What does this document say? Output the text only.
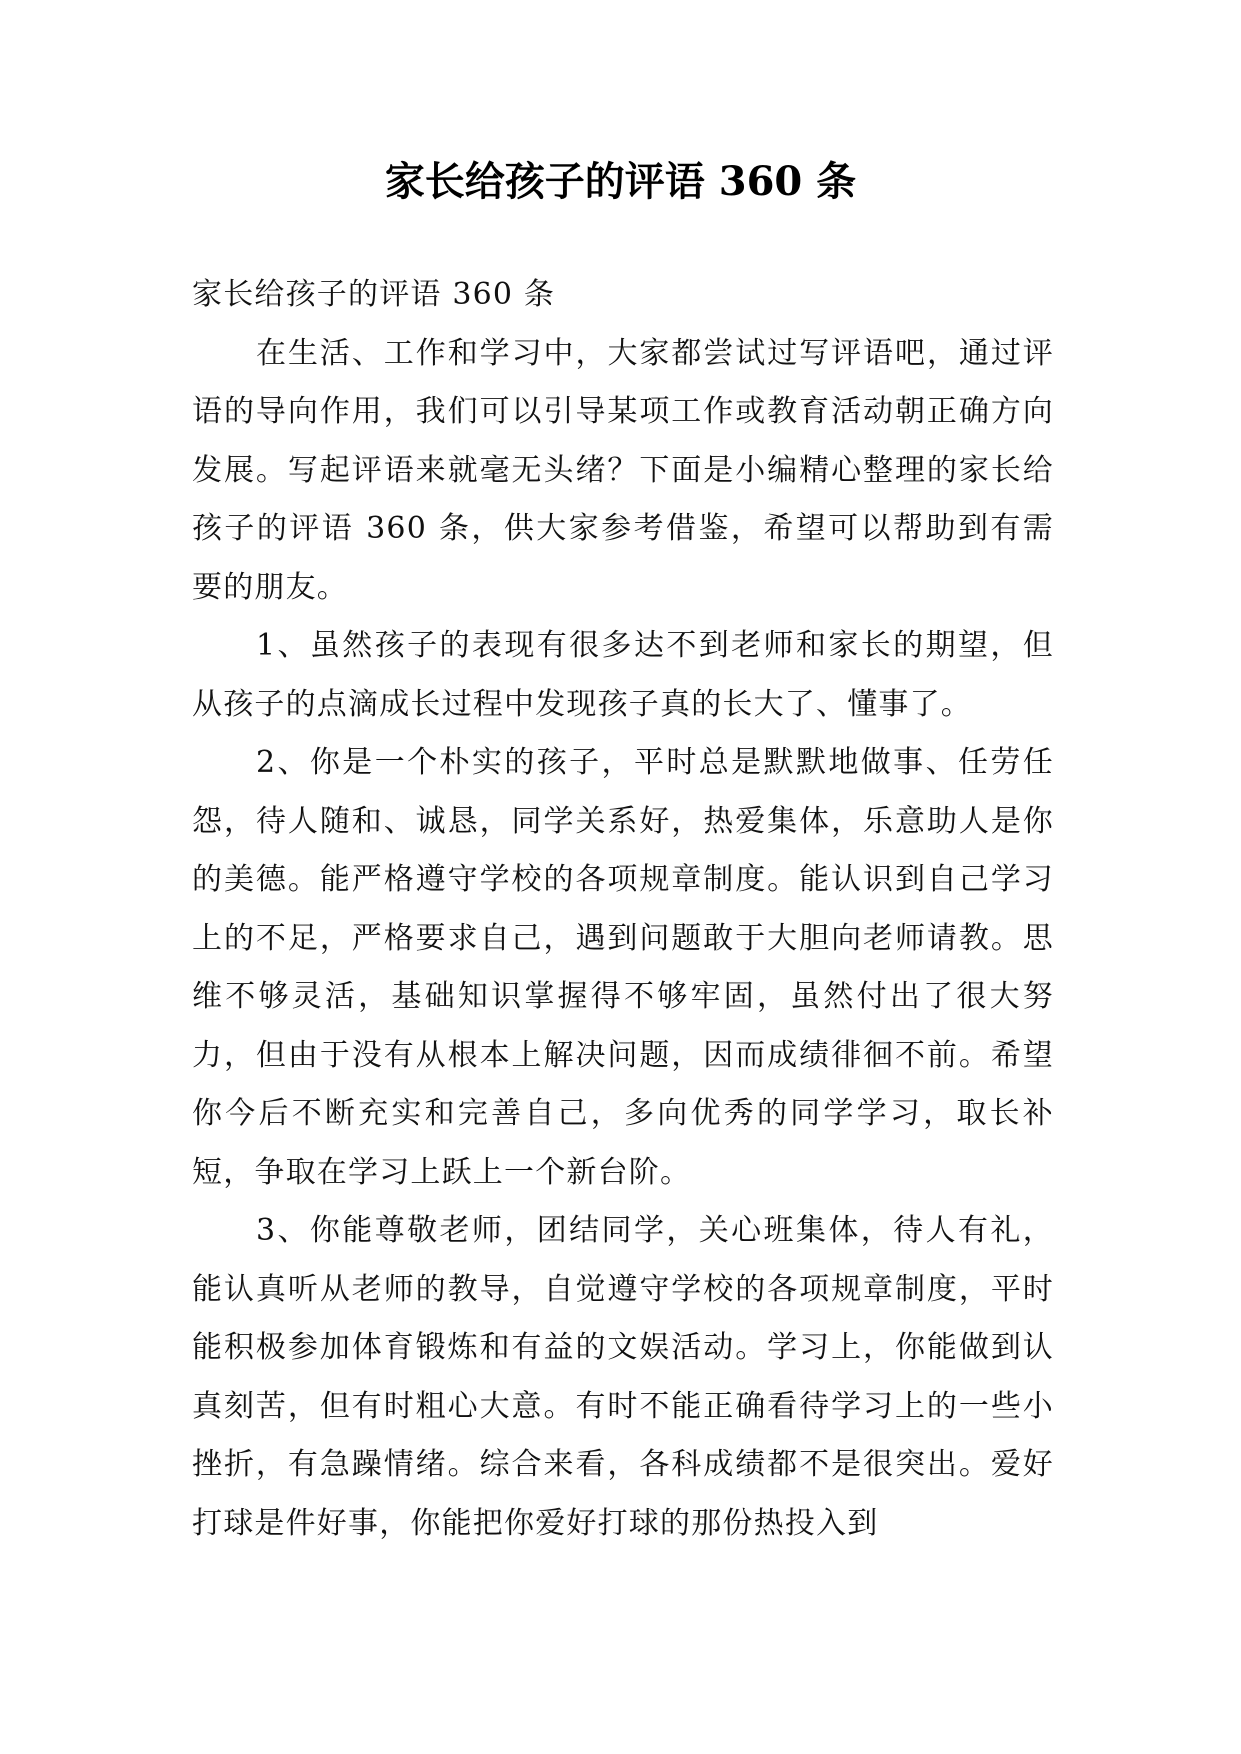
家长给孩子的评语 360 条

家长给孩子的评语 360 条

在生活、工作和学习中，大家都尝试过写评语吧，通过评语的导向作用，我们可以引导某项工作或教育活动朝正确方向发展。写起评语来就毫无头绪？下面是小编精心整理的家长给孩子的评语 360 条，供大家参考借鉴，希望可以帮助到有需要的朋友。

1、虽然孩子的表现有很多达不到老师和家长的期望，但从孩子的点滴成长过程中发现孩子真的长大了、懂事了。

2、你是一个朴实的孩子，平时总是默默地做事、任劳任怨，待人随和、诚恳，同学关系好，热爱集体，乐意助人是你的美德。能严格遵守学校的各项规章制度。能认识到自己学习上的不足，严格要求自己，遇到问题敢于大胆向老师请教。思维不够灵活，基础知识掌握得不够牢固，虽然付出了很大努力，但由于没有从根本上解决问题，因而成绩徘徊不前。希望你今后不断充实和完善自己，多向优秀的同学学习，取长补短，争取在学习上跃上一个新台阶。

3、你能尊敬老师，团结同学，关心班集体，待人有礼，能认真听从老师的教导，自觉遵守学校的各项规章制度，平时能积极参加体育锻炼和有益的文娱活动。学习上，你能做到认真刻苦，但有时粗心大意。有时不能正确看待学习上的一些小挫折，有急躁情绪。综合来看，各科成绩都不是很突出。爱好打球是件好事，你能把你爱好打球的那份热投入到
